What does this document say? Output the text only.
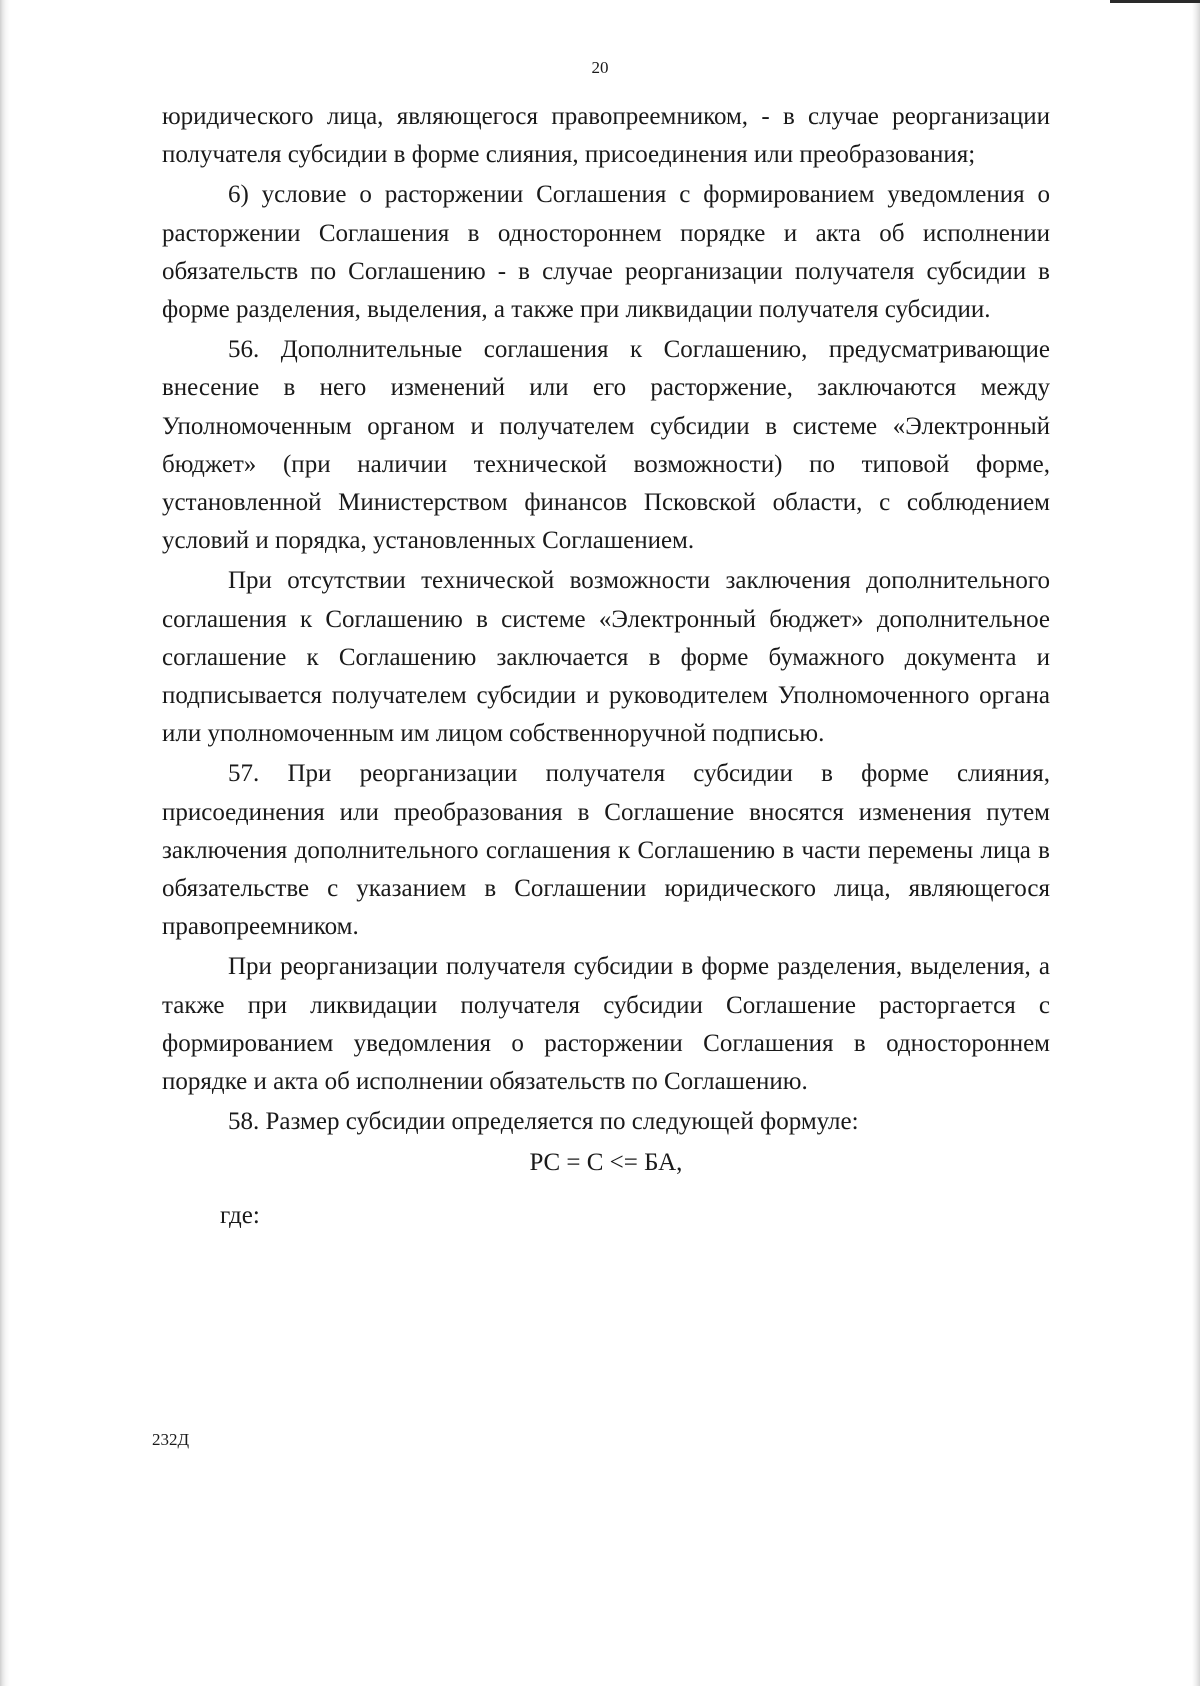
20

юридического лица, являющегося правопреемником, - в случае реорганизации получателя субсидии в форме слияния, присоединения или преобразования;

6) условие о расторжении Соглашения с формированием уведомления о расторжении Соглашения в одностороннем порядке и акта об исполнении обязательств по Соглашению - в случае реорганизации получателя субсидии в форме разделения, выделения, а также при ликвидации получателя субсидии.

56. Дополнительные соглашения к Соглашению, предусматривающие внесение в него изменений или его расторжение, заключаются между Уполномоченным органом и получателем субсидии в системе «Электронный бюджет» (при наличии технической возможности) по типовой форме, установленной Министерством финансов Псковской области, с соблюдением условий и порядка, установленных Соглашением.

При отсутствии технической возможности заключения дополнительного соглашения к Соглашению в системе «Электронный бюджет» дополнительное соглашение к Соглашению заключается в форме бумажного документа и подписывается получателем субсидии и руководителем Уполномоченного органа или уполномоченным им лицом собственноручной подписью.

57. При реорганизации получателя субсидии в форме слияния, присоединения или преобразования в Соглашение вносятся изменения путем заключения дополнительного соглашения к Соглашению в части перемены лица в обязательстве с указанием в Соглашении юридического лица, являющегося правопреемником.

При реорганизации получателя субсидии в форме разделения, выделения, а также при ликвидации получателя субсидии Соглашение расторгается с формированием уведомления о расторжении Соглашения в одностороннем порядке и акта об исполнении обязательств по Соглашению.

58. Размер субсидии определяется по следующей формуле:

PC = C <= БА,

где:

232Д
